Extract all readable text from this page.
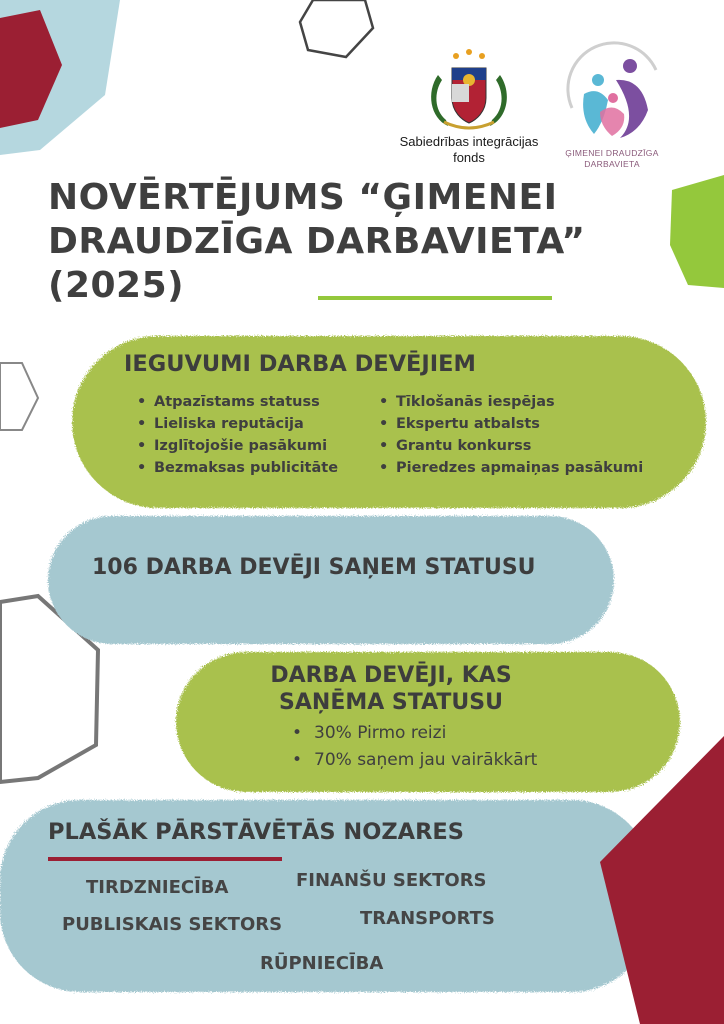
Sabiedrības integrācijas
fonds	ĢIMENEI DRAUDZĪGA
DARBAVIETA
NOVĒRTĒJUMS “ĢIMENEI
DRAUDZĪGA DARBAVIETA”
(2025)
IEGUVUMI DARBA DEVĒJIEM
• Atpazīstams statuss
• Lieliska reputācija
• Izglītojošie pasākumi
• Bezmaksas publicitāte
• Tīklošanās iespējas
• Ekspertu atbalsts
• Grantu konkurss
• Pieredzes apmaiņas pasākumi
106 DARBA DEVĒJI SAŅEM STATUSU
DARBA DEVĒJI, KAS
SAŅĒMA STATUSU
• 30% Pirmo reizi
• 70% saņem jau vairākkārt
PLAŠĀK PĀRSTĀVĒTĀS NOZARES
TIRDZNIECĪBA	FINANŠU SEKTORS
PUBLISKAIS SEKTORS	TRANSPORTS
RŪPNIECĪBA
